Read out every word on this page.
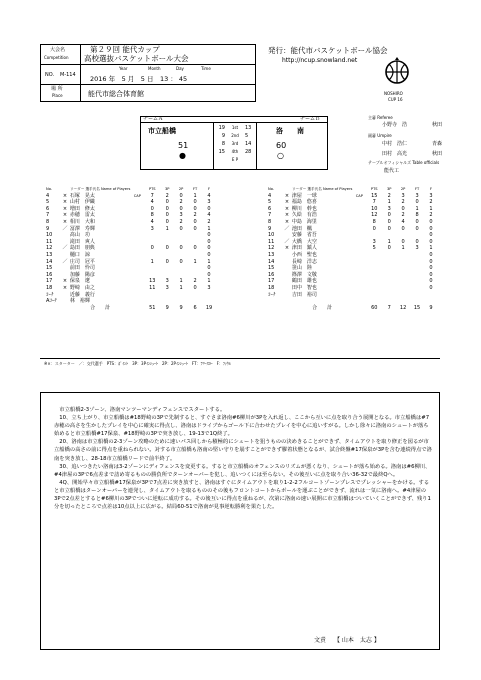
大会名
Competition
第２９回 能代カップ
高校選抜バスケットボール大会
NO. M-114
Year	Month	Day	Time
2016 年　5 月　5 日　13 ： 45
場 所
Place	能代市総合体育館
発行：能代市バスケットボール協会
http://ncup.snowland.net
NOSHIRO
CUP 16
チームＡ	チームＢ
市立船橋	洛　　南
51	60
●	○
19	1st	13
9	2nd	5
8	3rd	14
15	4th	28
E P
主審 Referee
小野寺　浩	秋田
副審 Umpire
中村　浩仁	青森
田村　高光	秋田
テーブルオフィシャルズ Table officials
能代工
No.		リーダー 選手氏名 Name of Players		PTS	3P	2P	FT	F
4	×	石塚　晃太	CAP	7	2	0	1	4
5	×	山村　伊織		4	0	2	0	3
6	×	増田　修太		0	0	0	0	0
7	×	赤穂　雷太		8	0	3	2	4
8	×	相川　大和		4	0	2	0	2
9	／	冨澤　寿輝		3	1	0	0	1
10		髙山　功						0
11		滝田　爽人						0
12	／	島田　朋典		0	0	0	0	0
13		樋口　諒						0
14	／	庄司　冠平		1	0	0	1	1
15		前田　怜司						0
16		加藤　陽彦						0
17	×	保泉　遼		13	3	1	2	1
18	×	野崎　由之		11	3	1	0	3
ｺｰﾁ		近藤　義行						
Aｺｰﾁ		林　裕輝						
		合　　計		51	9	9	6	19
No.		リーダー 選手氏名 Name of Players		PTS	3P	2P	FT	F
4	×	津屋　一球	CAP	15	2	3	3	3
5	×	福島　悠喜		7	1	2	0	2
6	×	柳川　幹也		10	3	0	1	1
7	×	久絵　有浩		12	0	2	8	2
8	×	中島　海里		8	0	4	0	0
9	／	池田　楓		0	0	0	0	0
10		安藤　省吾						0
11	／	大橋　大空		3	1	0	0	0
12	×	津田　鎮人		5	0	1	3	1
13		小西　聖也						0
14		長崎　洋志						0
15		笹山　陸						0
16		篠澤　文敬						0
17		鶴田　雄也						0
18		田中　智也						0
ｺｰﾁ		吉田　裕司						

		合　　計		60	7	12	15	9
※×：スターター　／：交代選手　PTS：ﾎﾟｲﾝﾄ　3P：3Pｲﾝｼｭｰﾄ　2P：2Pｲﾝｼｭｰﾄ　FT：ﾌﾘｰｽﾛｰ　F：ﾌｧｳﾙ

　市立船橋2-3ゾーン、洛南マンツーマンディフェンスでスタートする。

　10、立ち上がり、市立船橋は#18野崎の3Pで先制すると、すぐさま洛南#6柳川が3Pを入れ返し、ここから互いに点を取り合う展開となる。市立船橋は#7赤穂の高さを生かしたプレイを中心に確実に得点し、洛南はドライブからゴール下に合わせたプレイを中心に追いすがる。しかし徐々に洛南のシュートが落ち始めると市立船橋#17保泉、#18野崎の3Pで突き放し、19-13で1Q終了。

　20、洛南は市立船橋の2-3ゾーン攻略のために速いパス回しから積極的にシュートを狙うものの決めきることができず、タイムアウトを取り修正を図るが市立船橋の高さの前に得点を重ねられない。対する市立船橋も洛南の堅い守りを崩すことができず膠着状態となるが、試合終盤#17保泉が3Pを含む連続得点で洛南を突き放し、28-18市立船橋リードで前半終了。

　30、追いつきたい洛南は3-2ゾーンにディフェンスを変更する。すると市立船橋のオフェンスのリズムが悪くなり、シュートが落ち始める。洛南は#6柳川、#4津屋の3Pで6点差まで詰め寄るものの勝負所でターンオーバーを犯し、追いつくには至らない。その後互いに点を取り合い36-32で最終Qへ。

　4Q、開始早々市立船橋#17保泉が3Pで7点差に突き放すと、洛南はすぐにタイムアウトを取り1-2-2フルコートゾーンプレスでプレッシャーをかける。すると市立船橋はターンオーバーを連発し、タイムアウトを取るもののその後もフロントコートからボールを運ぶことができず、流れは一気に洛南へ。#4津屋の3Pで2点差とすると#6柳川の3Pでついに逆転に成功する。その後互いに得点を重ねるが、次第に洛南の速い展開に市立船橋はついていくことができず、残り1分を切ったところで点差は10点以上に広がる。結局60-51で洛南が見事逆転勝利を果たした。

文責　 【 山本　太志 】
